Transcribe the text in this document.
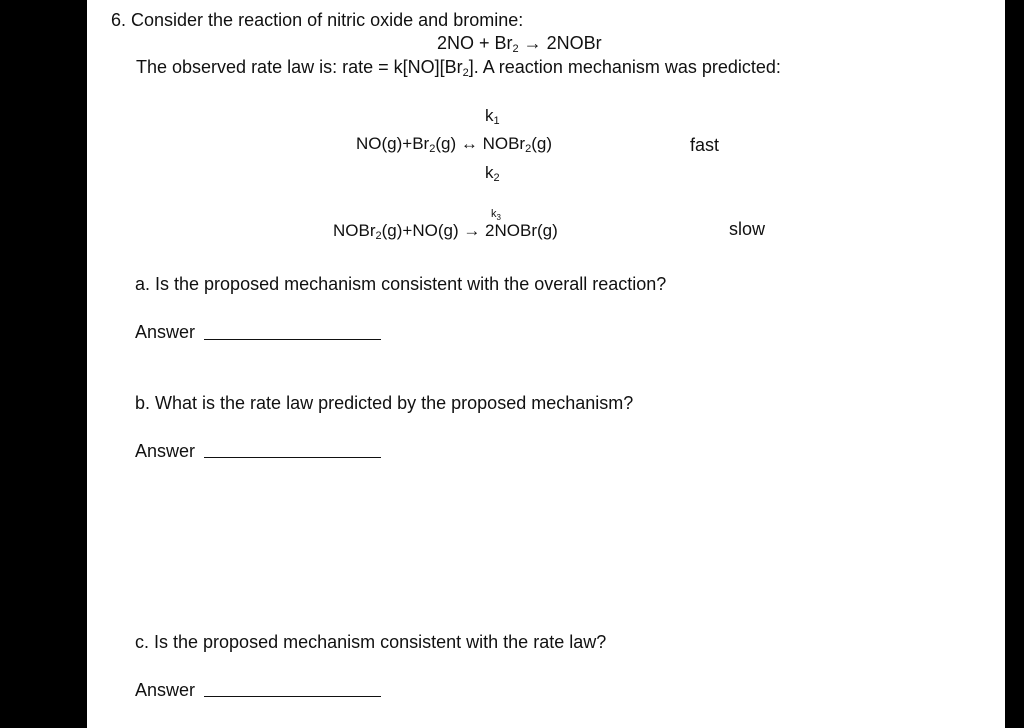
6. Consider the reaction of nitric oxide and bromine:
$2NO + Br_2$ → 2NOBr
The observed rate law is: rate = $k[NO][Br_2]$. A reaction mechanism was predicted:
$k_1$
$NO(g)+Br_2(g)$ ↔ NOBr$_2$(g)	fast
$k_2$
$k_3$
NOBr$_2$(g)+NO(g) → 2NOBr(g)	slow
a. Is the proposed mechanism consistent with the overall reaction?
Answer
b. What is the rate law predicted by the proposed mechanism?
Answer
c. Is the proposed mechanism consistent with the rate law?
Answer
